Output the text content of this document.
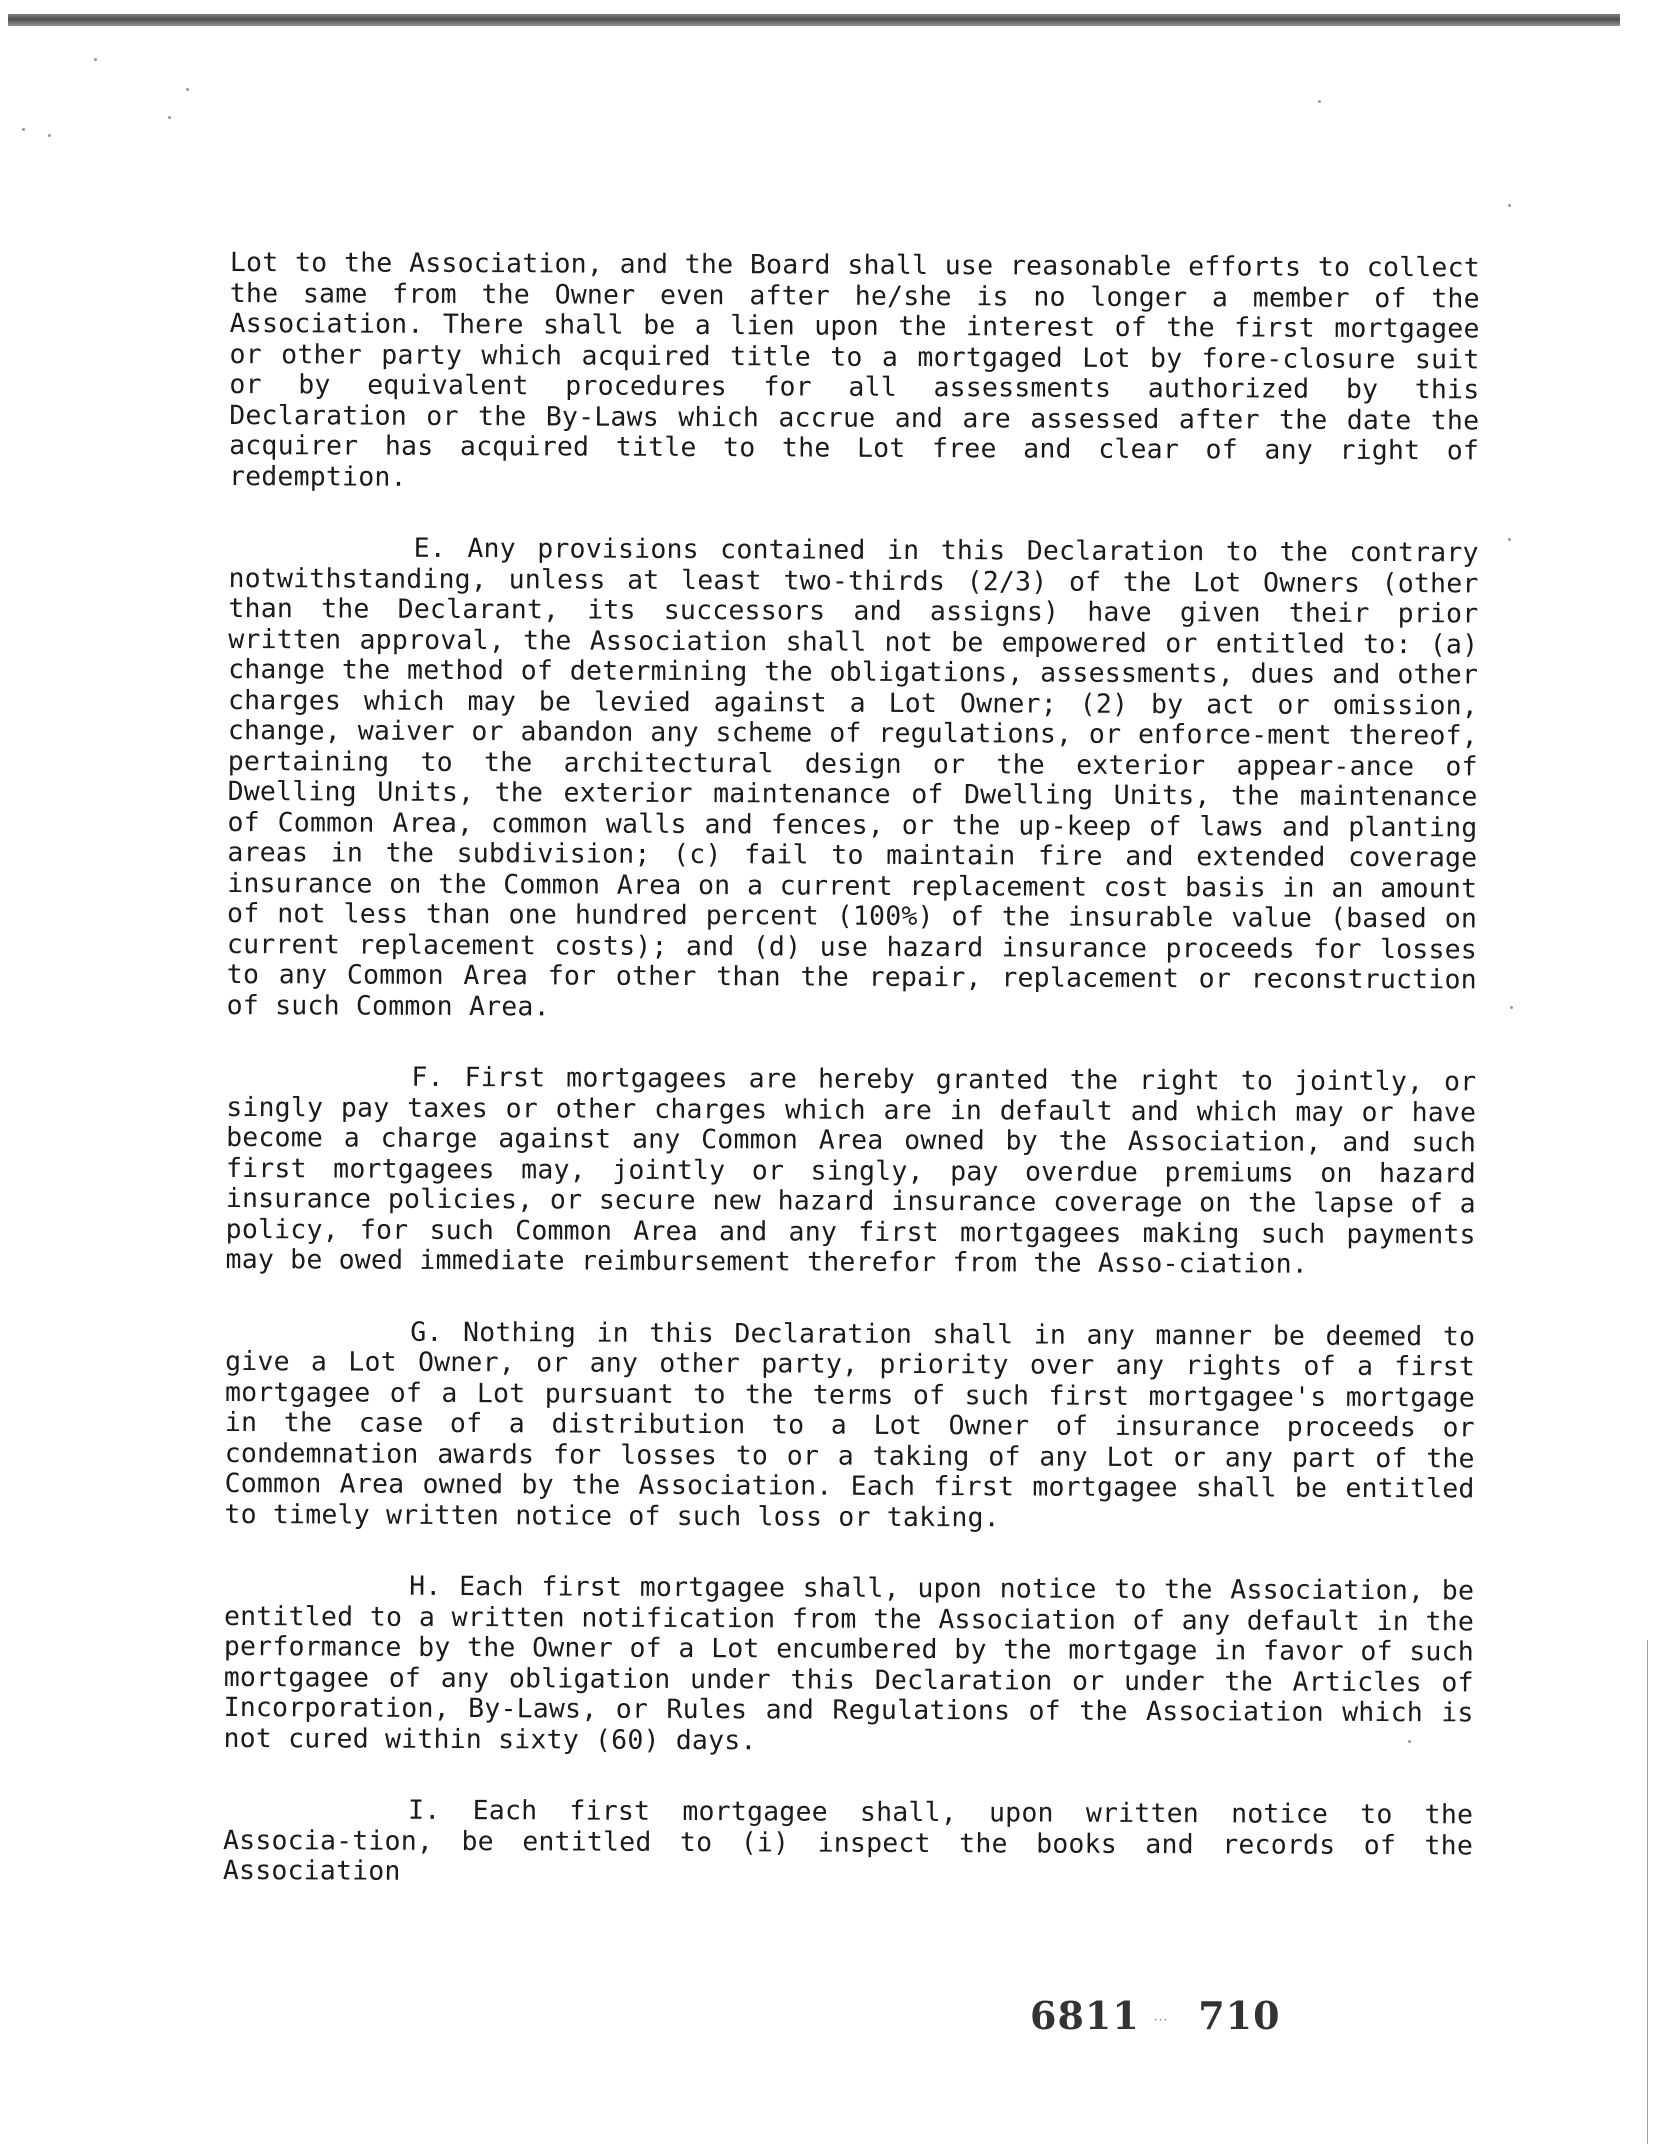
Lot to the Association, and the Board shall use reasonable efforts to collect the same from the Owner even after he/she is no longer a member of the Association. There shall be a lien upon the interest of the first mortgagee or other party which acquired title to a mortgaged Lot by fore-closure suit or by equivalent procedures for all assessments authorized by this Declaration or the By-Laws which accrue and are assessed after the date the acquirer has acquired title to the Lot free and clear of any right of redemption.

E. Any provisions contained in this Declaration to the contrary notwithstanding, unless at least two-thirds (2/3) of the Lot Owners (other than the Declarant, its successors and assigns) have given their prior written approval, the Association shall not be empowered or entitled to: (a) change the method of determining the obligations, assessments, dues and other charges which may be levied against a Lot Owner; (2) by act or omission, change, waiver or abandon any scheme of regulations, or enforce-ment thereof, pertaining to the architectural design or the exterior appear-ance of Dwelling Units, the exterior maintenance of Dwelling Units, the maintenance of Common Area, common walls and fences, or the up-keep of laws and planting areas in the subdivision; (c) fail to maintain fire and extended coverage insurance on the Common Area on a current replacement cost basis in an amount of not less than one hundred percent (100%) of the insurable value (based on current replacement costs); and (d) use hazard insurance proceeds for losses to any Common Area for other than the repair, replacement or reconstruction of such Common Area.

F. First mortgagees are hereby granted the right to jointly, or singly pay taxes or other charges which are in default and which may or have become a charge against any Common Area owned by the Association, and such first mortgagees may, jointly or singly, pay overdue premiums on hazard insurance policies, or secure new hazard insurance coverage on the lapse of a policy, for such Common Area and any first mortgagees making such payments may be owed immediate reimbursement therefor from the Asso-ciation.

G. Nothing in this Declaration shall in any manner be deemed to give a Lot Owner, or any other party, priority over any rights of a first mortgagee of a Lot pursuant to the terms of such first mortgagee's mortgage in the case of a distribution to a Lot Owner of insurance proceeds or condemnation awards for losses to or a taking of any Lot or any part of the Common Area owned by the Association. Each first mortgagee shall be entitled to timely written notice of such loss or taking.

H. Each first mortgagee shall, upon notice to the Association, be entitled to a written notification from the Association of any default in the performance by the Owner of a Lot encumbered by the mortgage in favor of such mortgagee of any obligation under this Declaration or under the Articles of Incorporation, By-Laws, or Rules and Regulations of the Association which is not cured within sixty (60) days.

I. Each first mortgagee shall, upon written notice to the Associa-tion, be entitled to (i) inspect the books and records of the Association

6811 ··· 710
